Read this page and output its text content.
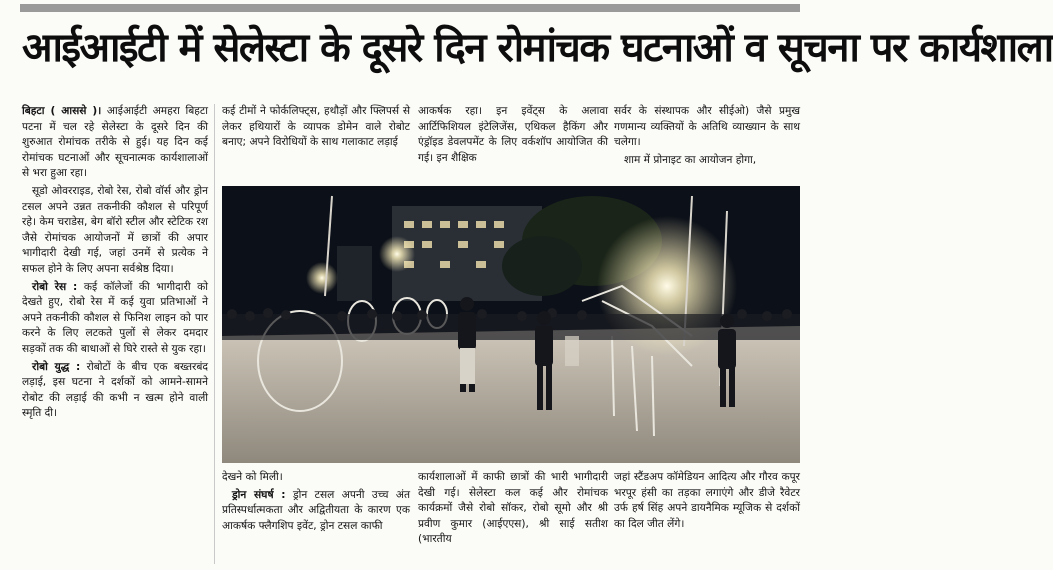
आईआईटी में सेलेस्टा के दूसरे दिन रोमांचक घटनाओं व सूचना पर कार्यशाला

बिहटा ( आससे )। आईआईटी अमहरा बिहटा पटना में चल रहे सेलेस्टा के दूसरे दिन की शुरुआत रोमांचक तरीके से हुई। यह दिन कई रोमांचक घटनाओं और सूचनात्मक कार्यशालाओं से भरा हुआ रहा।

सूडो ओवरराइड, रोबो रेस, रोबो वॉर्स और ड्रोन टसल अपने उन्नत तकनीकी कौशल से परिपूर्ण रहे। केम चराडेस, बेग बॉरो स्टील और स्टेटिक रश जैसे रोमांचक आयोजनों में छात्रों की अपार भागीदारी देखी गई, जहां उनमें से प्रत्येक ने सफल होने के लिए अपना सर्वश्रेष्ठ दिया।

रोबो रेस : कई कॉलेजों की भागीदारी को देखते हुए, रोबो रेस में कई युवा प्रतिभाओं ने अपने तकनीकी कौशल से फिनिश लाइन को पार करने के लिए लटकते पुलों से लेकर दमदार सड़कों तक की बाधाओं से घिरे रास्ते से युक रहा।

रोबो युद्ध : रोबोटों के बीच एक बख्तरबंद लड़ाई, इस घटना ने दर्शकों को आमने-सामने रोबोट की लड़ाई की कभी न खत्म होने वाली स्मृति दी।

कई टीमों ने फोर्कलिफ्ट्स, हथौड़ों और फ्लिपर्स से लेकर हथियारों के व्यापक डोमेन वाले रोबोट बनाए; अपने विरोधियों के साथ गलाकाट लड़ाई

आकर्षक रहा। इन इवेंट्स के अलावा आर्टिफिशियल इंटेलिजेंस, एथिकल हैकिंग और एंड्रॉइड डेवलपमेंट के लिए वर्कशॉप आयोजित की गई। इन शैक्षिक

सर्वर के संस्थापक और सीईओ) जैसे प्रमुख गणमान्य व्यक्तियों के अतिथि व्याख्यान के साथ चलेगा।

शाम में प्रोनाइट का आयोजन होगा,

देखने को मिली।

ड्रोन संघर्ष : ड्रोन टसल अपनी उच्च अंत प्रतिस्पर्धात्मकता और अद्वितीयता के कारण एक आकर्षक फ्लैगशिप इवेंट, ड्रोन टसल काफी

कार्यशालाओं में काफी छात्रों की भारी भागीदारी देखी गई। सेलेस्टा कल कई और रोमांचक कार्यक्रमों जैसे रोबो सॉकर, रोबो सूमो और श्री प्रवीण कुमार (आईएएस), श्री साई सतीश (भारतीय

जहां स्टैंडअप कॉमेडियन आदित्य और गौरव कपूर भरपूर हंसी का तड़का लगाएंगे और डीजे रैवेटर उर्फ हर्ष सिंह अपने डायनैमिक म्यूजिक से दर्शकों का दिल जीत लेंगे।
